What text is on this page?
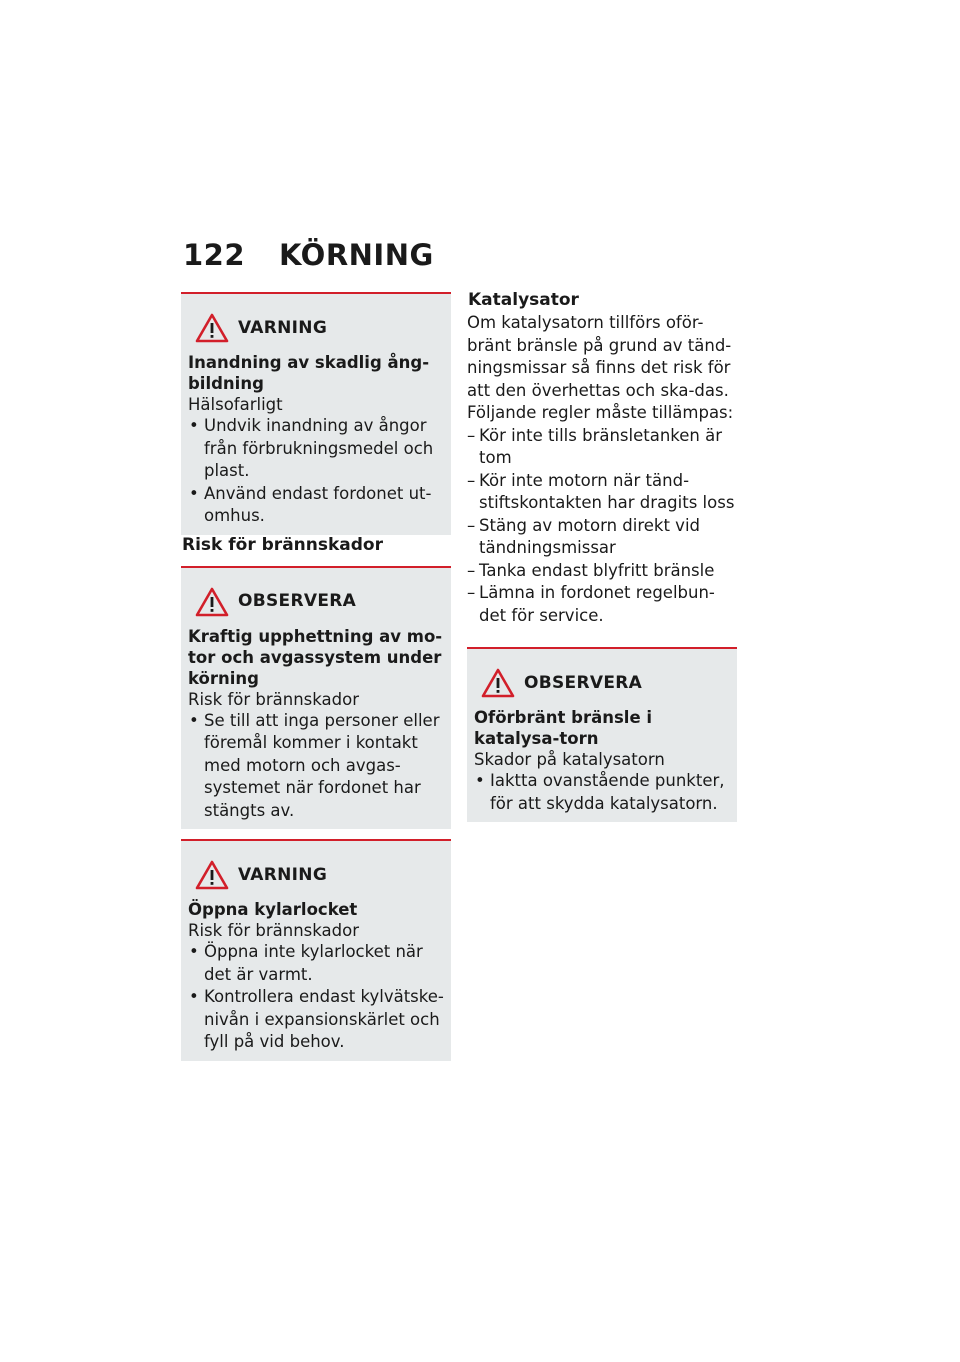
122 KÖRNING
VARNING
Inandning av skadlig ång-bildning
Hälsofarligt
• Undvik inandning av ångor från förbrukningsmedel och plast.
• Använd endast fordonet ut-omhus.
Risk för brännskador
OBSERVERA
Kraftig upphettning av mo-tor och avgassystem under körning
Risk för brännskador
• Se till att inga personer eller föremål kommer i kontakt med motorn och avgas-systemet när fordonet har stängts av.
VARNING
Öppna kylarlocket
Risk för brännskador
• Öppna inte kylarlocket när det är varmt.
• Kontrollera endast kylvätske-nivån i expansionskärlet och fyll på vid behov.
Katalysator
Om katalysatorn tillförs oför-bränt bränsle på grund av tänd-ningsmissar så finns det risk för att den överhettas och ska-das.
Följande regler måste tillämpas:
– Kör inte tills bränsletanken är tom
– Kör inte motorn när tänd-stiftskontakten har dragits loss
– Stäng av motorn direkt vid tändningsmissar
– Tanka endast blyfritt bränsle
– Lämna in fordonet regelbun-det för service.
OBSERVERA
Oförbränt bränsle i katalysa-torn
Skador på katalysatorn
• Iaktta ovanstående punkter, för att skydda katalysatorn.
